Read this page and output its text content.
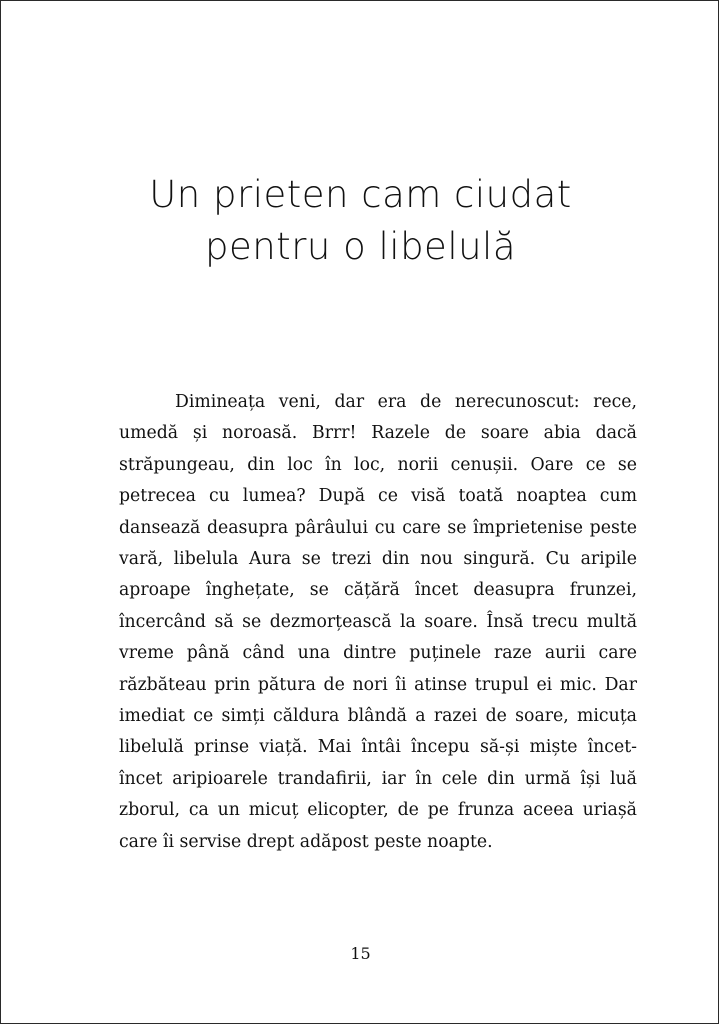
Un prieten cam ciudat
pentru o libelulă

Dimineața veni, dar era de nerecunoscut: rece, umedă și noroasă. Brrr! Razele de soare abia dacă străpungeau, din loc în loc, norii cenușii. Oare ce se petrecea cu lumea? După ce visă toată noaptea cum dansează deasupra pârâului cu care se împrietenise peste vară, libelula Aura se trezi din nou singură. Cu aripile aproape înghețate, se cățără încet deasupra frunzei, încercând să se dezmorțească la soare. Însă trecu multă vreme până când una dintre puținele raze aurii care răzbăteau prin pătura de nori îi atinse trupul ei mic. Dar imediat ce simți căldura blândă a razei de soare, micuța libelulă prinse viață. Mai întâi începu să-și miște încet-încet aripioarele trandafirii, iar în cele din urmă își luă zborul, ca un micuț elicopter, de pe frunza aceea uriașă care îi servise drept adăpost peste noapte.

15
